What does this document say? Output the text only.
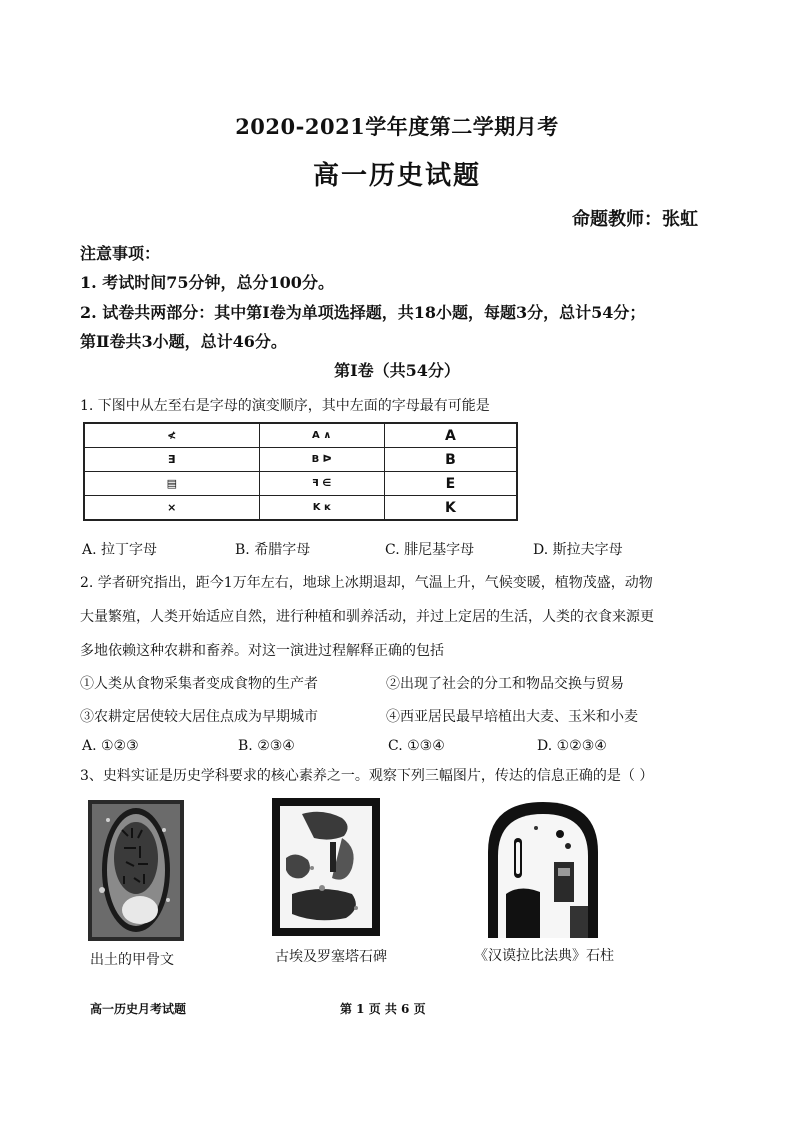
2020-2021学年度第二学期月考
高一历史试题
命题教师：张虹
注意事项：
1. 考试时间75分钟，总分100分。
2. 试卷共两部分：其中第Ⅰ卷为单项选择题，共18小题，每题3分，总计54分；
第Ⅱ卷共3小题，总计46分。
第Ⅰ卷（共54分）
1. 下图中从左至右是字母的演变顺序，其中左面的字母最有可能是
≮	A ∧	A
∃	B ᐅ	B
▤	ꟻ ∈	E
⨯	K ĸ	K
A. 拉丁字母	B. 希腊字母	C. 腓尼基字母	D. 斯拉夫字母
2. 学者研究指出，距今1万年左右，地球上冰期退却，气温上升，气候变暖，植物茂盛，动物
大量繁殖，人类开始适应自然，进行种植和驯养活动，并过上定居的生活，人类的衣食来源更
多地依赖这种农耕和畜养。对这一演进过程解释正确的包括
①人类从食物采集者变成食物的生产者	②出现了社会的分工和物品交换与贸易
③农耕定居使较大居住点成为早期城市	④西亚居民最早培植出大麦、玉米和小麦
A. ①②③	B. ②③④	C. ①③④	D. ①②③④
3、史料实证是历史学科要求的核心素养之一。观察下列三幅图片，传达的信息正确的是（ ）
出土的甲骨文	古埃及罗塞塔石碑	《汉谟拉比法典》石柱
高一历史月考试题	第 1 页 共 6 页
